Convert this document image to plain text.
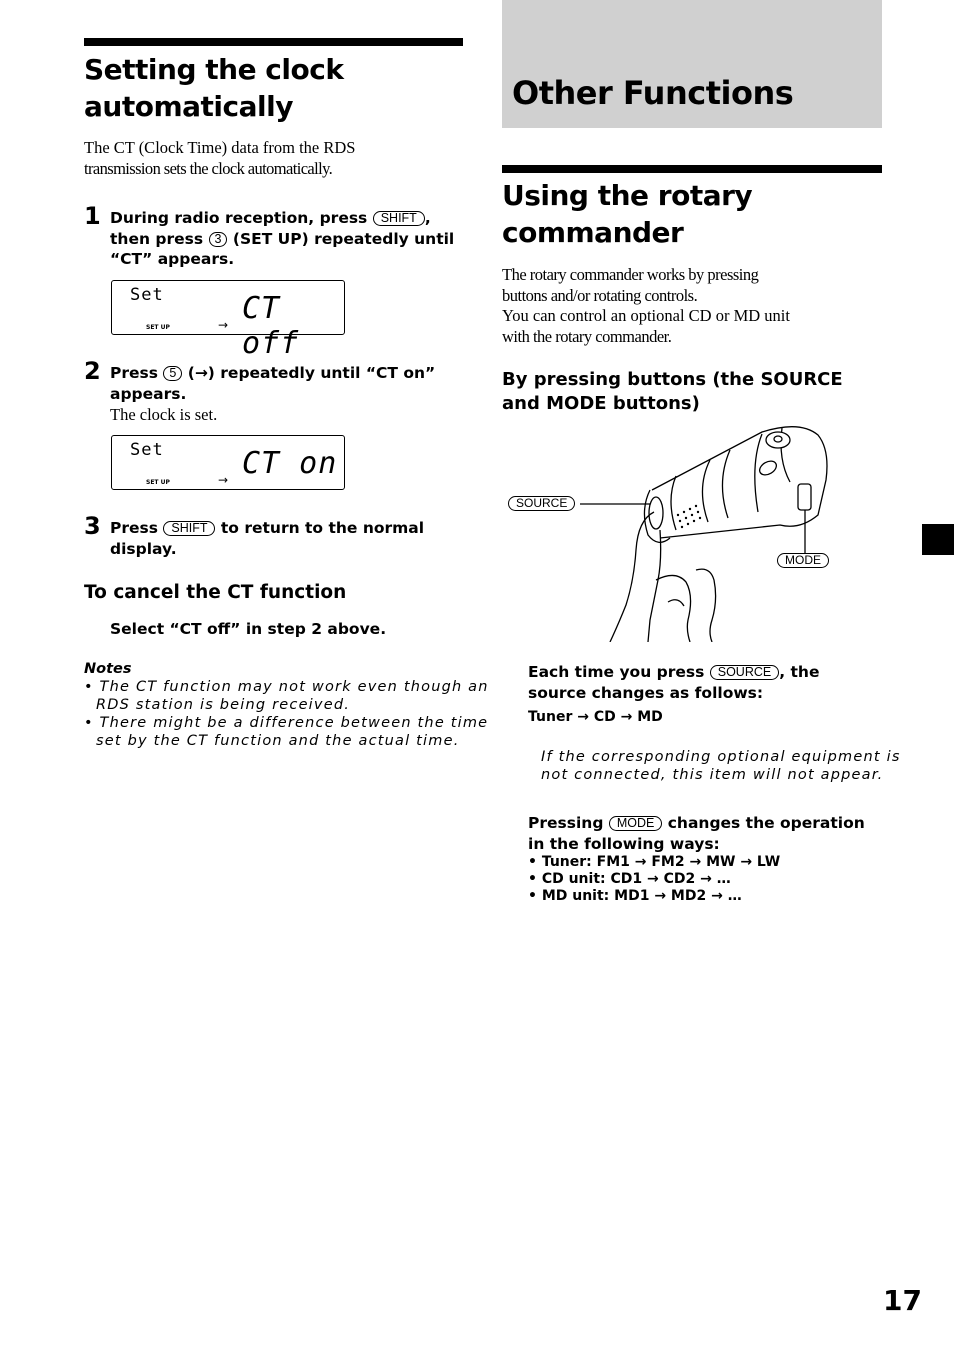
Setting the clock
automatically
The CT (Clock Time) data from the RDS
transmission sets the clock automatically.
1 During radio reception, press SHIFT ,
then press 3 (SET UP) repeatedly until
“CT” appears.
Set	CT off
SET UP	→
2 Press 5 (→) repeatedly until “CT on”
appears.
The clock is set.
Set	CT on
SET UP	→
3 Press SHIFT to return to the normal
display.
To cancel the CT function
Select “CT off” in step 2 above.
Notes
• The CT function may not work even though an
RDS station is being received.
• There might be a difference between the time
set by the CT function and the actual time.
Other Functions
Using the rotary
commander
The rotary commander works by pressing
buttons and/or rotating controls.
You can control an optional CD or MD unit
with the rotary commander.
By pressing buttons (the SOURCE
and MODE buttons)
SOURCE
MODE
Each time you press SOURCE , the
source changes as follows:
Tuner → CD → MD
If the corresponding optional equipment is
not connected, this item will not appear.
Pressing MODE changes the operation
in the following ways:
• Tuner: FM1 → FM2 → MW → LW
• CD unit: CD1 → CD2 → …
• MD unit: MD1 → MD2 → …
17
